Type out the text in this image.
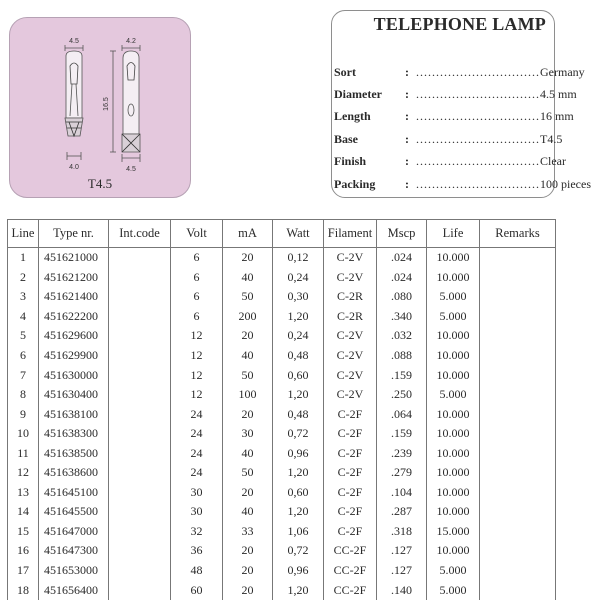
4.5	4.2
16.5
4.0	4.5
T4.5
TELEPHONE LAMP
Sort	: ............................... Germany
Diameter : ............................... 4.5 mm
Length	: ............................... 16 mm
Base	: ............................... T4.5
Finish	: ............................... Clear
Packing : ............................... 100 pieces
Line	Type nr.	Int.code	Volt	mA	Watt	Filament	Mscp	Life	Remarks
1	451621000		6	20	0,12	C-2V	.024	10.000	
2	451621200		6	40	0,24	C-2V	.024	10.000	
3	451621400		6	50	0,30	C-2R	.080	5.000	
4	451622200		6	200	1,20	C-2R	.340	5.000	
5	451629600		12	20	0,24	C-2V	.032	10.000	
6	451629900		12	40	0,48	C-2V	.088	10.000	
7	451630000		12	50	0,60	C-2V	.159	10.000	
8	451630400		12	100	1,20	C-2V	.250	5.000	
9	451638100		24	20	0,48	C-2F	.064	10.000	
10	451638300		24	30	0,72	C-2F	.159	10.000	
11	451638500		24	40	0,96	C-2F	.239	10.000	
12	451638600		24	50	1,20	C-2F	.279	10.000	
13	451645100		30	20	0,60	C-2F	.104	10.000	
14	451645500		30	40	1,20	C-2F	.287	10.000	
15	451647000		32	33	1,06	C-2F	.318	15.000	
16	451647300		36	20	0,72	CC-2F	.127	10.000	
17	451653000		48	20	0,96	CC-2F	.127	5.000	
18	451656400		60	20	1,20	CC-2F	.140	5.000	
